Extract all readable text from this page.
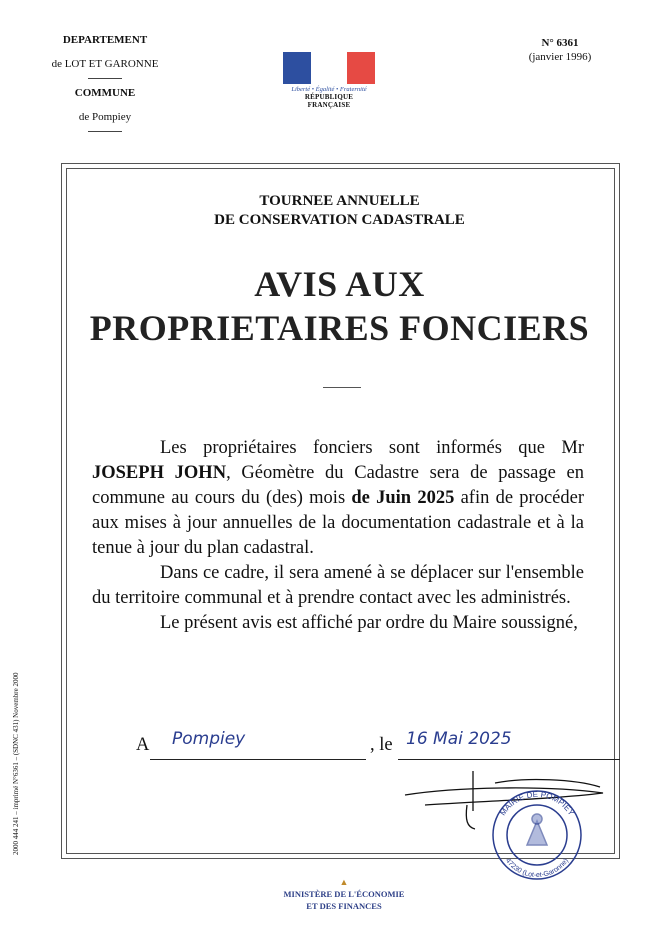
DEPARTEMENT

de LOT ET GARONNE

COMMUNE

de Pompiey

Liberté • Égalité • Fraternité
RÉPUBLIQUE FRANÇAISE
N° 6361
(janvier 1996)
TOURNEE ANNUELLE
DE CONSERVATION CADASTRALE
AVIS AUX
PROPRIETAIRES FONCIERS

Les propriétaires fonciers sont informés que Mr JOSEPH JOHN, Géomètre du Cadastre sera de passage en commune au cours du (des) mois de Juin 2025 afin de procéder aux mises à jour annuelles de la documentation cadastrale et à la tenue à jour du plan cadastral.

Dans ce cadre, il sera amené à se déplacer sur l'ensemble du territoire communal et à prendre contact avec les administrés.

Le présent avis est affiché par ordre du Maire soussigné,

A Pompiey	, le 16 Mai 2025
MAIRIE DE POMPIEY
47230 (Lot-et-Garonne)
2000 444 241 – imprimé N°6361 – (SDNC 431) Novembre 2000
▲
MINISTÈRE DE L'ÉCONOMIE
ET DES FINANCES
